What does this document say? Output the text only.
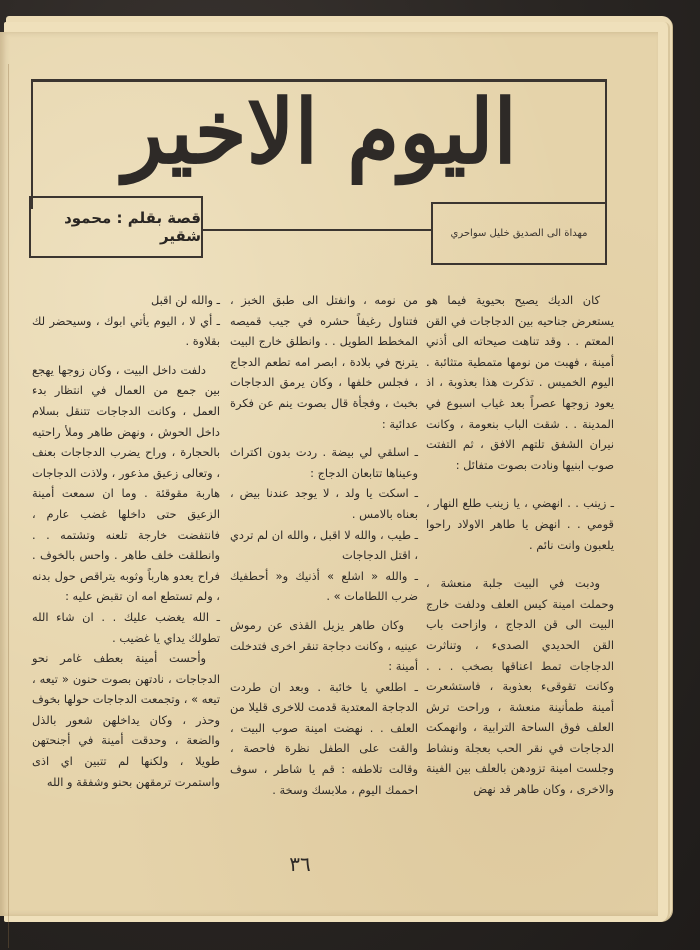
اليوم الاخير
قصة بقلم : محمود شقير	مهداة الى الصديق خليل سواحري

كان الديك يصيح بحيوية فيما هو يستعرض جناحيه بين الدجاجات في القن المعتم . . وقد تناهت صيحاته الى أذني أمينة ، فهبت من نومها متمطية متثائبة . اليوم الخميس . تذكرت هذا بعذوبة ، اذ يعود زوجها عصراً بعد غياب اسبوع في المدينة . . شقت الباب بنعومة ، وكانت نيران الشفق تلتهم الافق ، ثم التفتت صوب ابنيها ونادت بصوت متفائل :

ـ زينب . . انهضي ، يا زينب طلع النهار ، قومي . . انهض يا طاهر الاولاد راحوا يلعبون وانت نائم .

ودبت في البيت جلبة منعشة ، وحملت امينة كيس العلف ودلفت خارج البيت الى قن الدجاج ، وازاحت باب القن الحديدي الصدىء ، وتناثرت الدجاجات تمط اعناقها بصخب . . . وكانت تقوقىء بعذوبة ، فاستشعرت أمينة طمأنينة منعشة ، وراحت ترش العلف فوق الساحة الترابية ، وانهمكت الدجاجات في نقر الحب بعجلة ونشاط وجلست امينة تزودهن بالعلف بين الفينة والاخرى ، وكان طاهر قد نهض

من نومه ، وانفتل الى طبق الخبز ، فتناول رغيفاً حشره في جيب قميصه المخطط الطويل . . وانطلق خارج البيت يترنح في بلادة ، ابصر امه تطعم الدجاج ، فجلس خلفها ، وكان يرمق الدجاجات بخبث ، وفجأة قال بصوت ينم عن فكرة عدائية :

ـ اسلقي لي بيضة . ردت بدون اكتراث وعيناها تتابعان الدجاج :

ـ اسكت يا ولد ، لا يوجد عندنا بيض ، بعناه بالامس .

ـ طيب ، والله لا اقبل ، والله ان لم تردي ، اقتل الدجاجات

ـ والله « اشلع » أذنيك و« أحطفيك ضرب اللطامات » .

وكان طاهر يزيل القذى عن رموش عينيه ، وكانت دجاجة تنقر اخرى فتدخلت أمينة :

ـ اطلعي يا خائبة . وبعد ان طردت الدجاجة المعتدية قدمت للاخرى قليلا من العلف . . نهضت امينة صوب البيت ، والقت على الطفل نظرة فاحصة ، وقالت تلاطفه : قم يا شاطر ، سوف احممك اليوم ، ملابسك وسخة .

ـ والله لن اقبل

ـ أي لا ، اليوم يأتي ابوك ، وسيحضر لك بقلاوة .

دلفت داخل البيت ، وكان زوجها يهجع بين جمع من العمال في انتظار بدء العمل ، وكانت الدجاجات تتنقل بسلام داخل الحوش ، ونهض طاهر وملأ راحتيه بالحجارة ، وراح يضرب الدجاجات بعنف ، وتعالى زعيق مذعور ، ولاذت الدجاجات هاربة مقوقئة . وما ان سمعت أمينة الزعيق حتى داخلها غضب عارم ، فانتفضت خارجة تلعنه وتشتمه . . وانطلقت خلف طاهر . واحس بالخوف . فراح يعدو هارباً وثوبه يتراقص حول بدنه ، ولم تستطع امه ان تقبض عليه :

ـ الله يغضب عليك . . ان شاء الله تطولك يداي يا غضيب .

وأحست أمينة بعطف غامر نحو الدجاجات ، نادتهن بصوت حنون « تيعه ، تيعه » ، وتجمعت الدجاجات حولها بخوف وحذر ، وكان يداخلهن شعور بالذل والضعة ، وحدقت أمينة في أجنحتهن طويلا ، ولكنها لم تتبين اي اذى واستمرت ترمقهن بحنو وشفقة و الله

٣٦
